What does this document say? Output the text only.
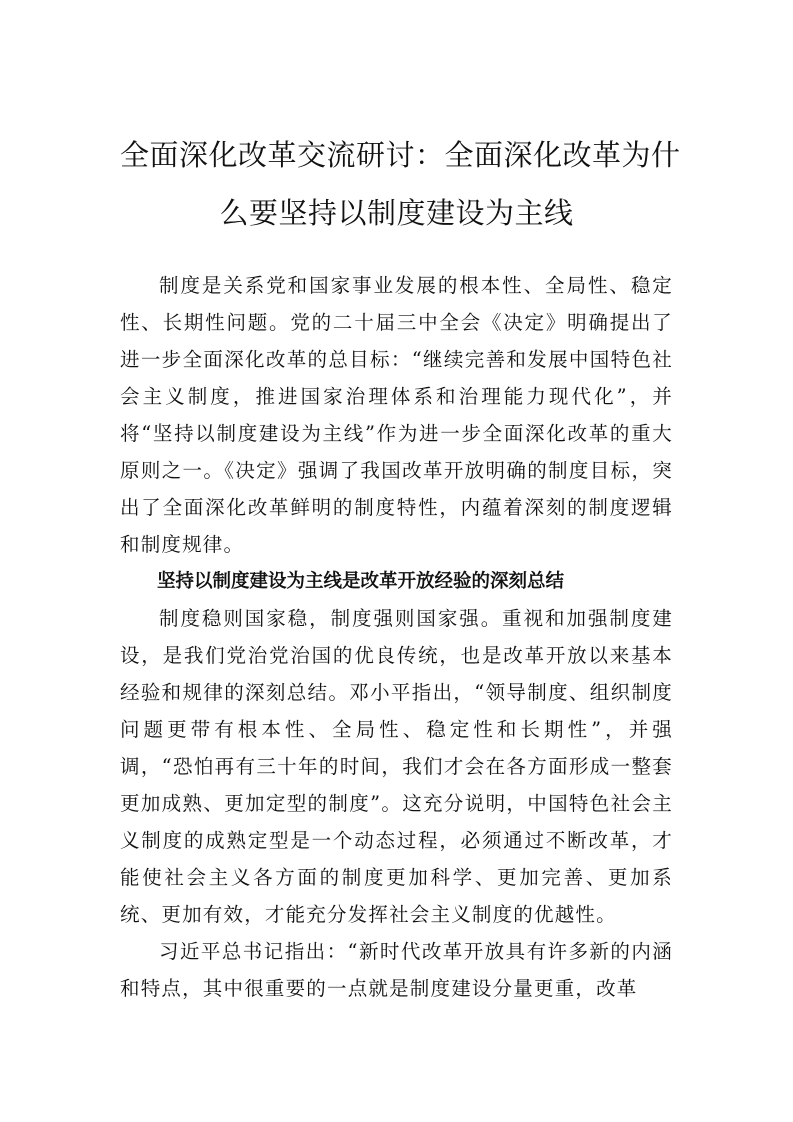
全面深化改革交流研讨：全面深化改革为什
么要坚持以制度建设为主线

制度是关系党和国家事业发展的根本性、全局性、稳定性、长期性问题。党的二十届三中全会《决定》明确提出了进一步全面深化改革的总目标：“继续完善和发展中国特色社会主义制度，推进国家治理体系和治理能力现代化”，并将“坚持以制度建设为主线”作为进一步全面深化改革的重大原则之一。《决定》强调了我国改革开放明确的制度目标，突出了全面深化改革鲜明的制度特性，内蕴着深刻的制度逻辑和制度规律。

坚持以制度建设为主线是改革开放经验的深刻总结

制度稳则国家稳，制度强则国家强。重视和加强制度建设，是我们党治党治国的优良传统，也是改革开放以来基本经验和规律的深刻总结。邓小平指出，“领导制度、组织制度问题更带有根本性、全局性、稳定性和长期性”，并强调，“恐怕再有三十年的时间，我们才会在各方面形成一整套更加成熟、更加定型的制度”。这充分说明，中国特色社会主义制度的成熟定型是一个动态过程，必须通过不断改革，才能使社会主义各方面的制度更加科学、更加完善、更加系统、更加有效，才能充分发挥社会主义制度的优越性。

习近平总书记指出：“新时代改革开放具有许多新的内涵和特点，其中很重要的一点就是制度建设分量更重，改革
